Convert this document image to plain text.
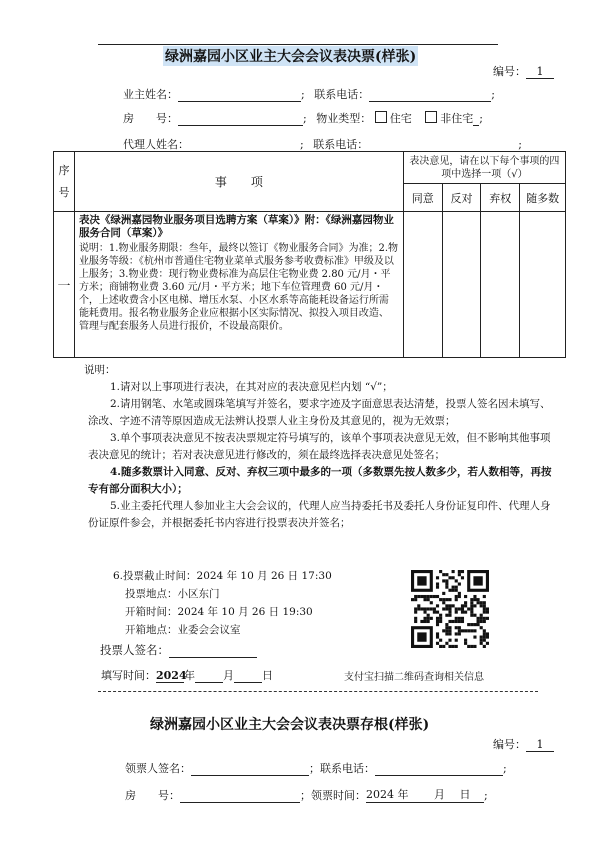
绿洲嘉园小区业主大会会议表决票(样张)
编号： 1
业主姓名：	; 联系电话：	;
房　　号：	; 物业类型： 住宅	非住宅 ;
代理人姓名：	; 联系电话：	;
序号	事　　项	表决意见，请在以下每个事项的四项中选择一项（√）			
		同意	反对	弃权	随多数
一	表决《绿洲嘉园物业服务项目选聘方案（草案）》附：《绿洲嘉园物业服务合同（草案）》
说明：1.物业服务期限：叁年，最终以签订《物业服务合同》为准；2.物业服务等级：《杭州市普通住宅物业菜单式服务参考收费标准》甲级及以上服务；3.物业费：现行物业费标准为高层住宅物业费 2.80 元/月・平方米；商铺物业费 3.60 元/月・平方米；地下车位管理费 60 元/月・个，上述收费含小区电梯、增压水泵、小区水系等高能耗设备运行所需能耗费用。报名物业服务企业应根据小区实际情况、拟投入项目改造、管理与配套服务人员进行报价，不设最高限价。				

说明：

1.请对以上事项进行表决，在其对应的表决意见栏内划 “√”；

2.请用钢笔、水笔或圆珠笔填写并签名，要求字迹及字面意思表达清楚，投票人签名因未填写、涂改、字迹不清等原因造成无法辨认投票人业主身份及其意见的，视为无效票；

3.单个事项表决意见不按表决票规定符号填写的，该单个事项表决意见无效，但不影响其他事项表决意见的统计；若对表决意见进行修改的，须在最终选择表决意见处签名；

4.随多数票计入同意、反对、弃权三项中最多的一项（多数票先按人数多少，若人数相等，再按专有部分面积大小）；

5.业主委托代理人参加业主大会会议的，代理人应当持委托书及委托人身份证复印件、代理人身份证原件参会，并根据委托书内容进行投票表决并签名；

6.投票截止时间：2024 年 10 月 26 日 17:30
投票地点：小区东门
开箱时间：2024 年 10 月 26 日 19:30
开箱地点：业委会会议室
投票人签名：
填写时间：2024年	月	日	支付宝扫描二维码查询相关信息
绿洲嘉园小区业主大会会议表决票存根(样张)
编号： 1
领票人签名：	；联系电话：	;
房　　号：	；领票时间：2024 年　　 月　 日 ;
